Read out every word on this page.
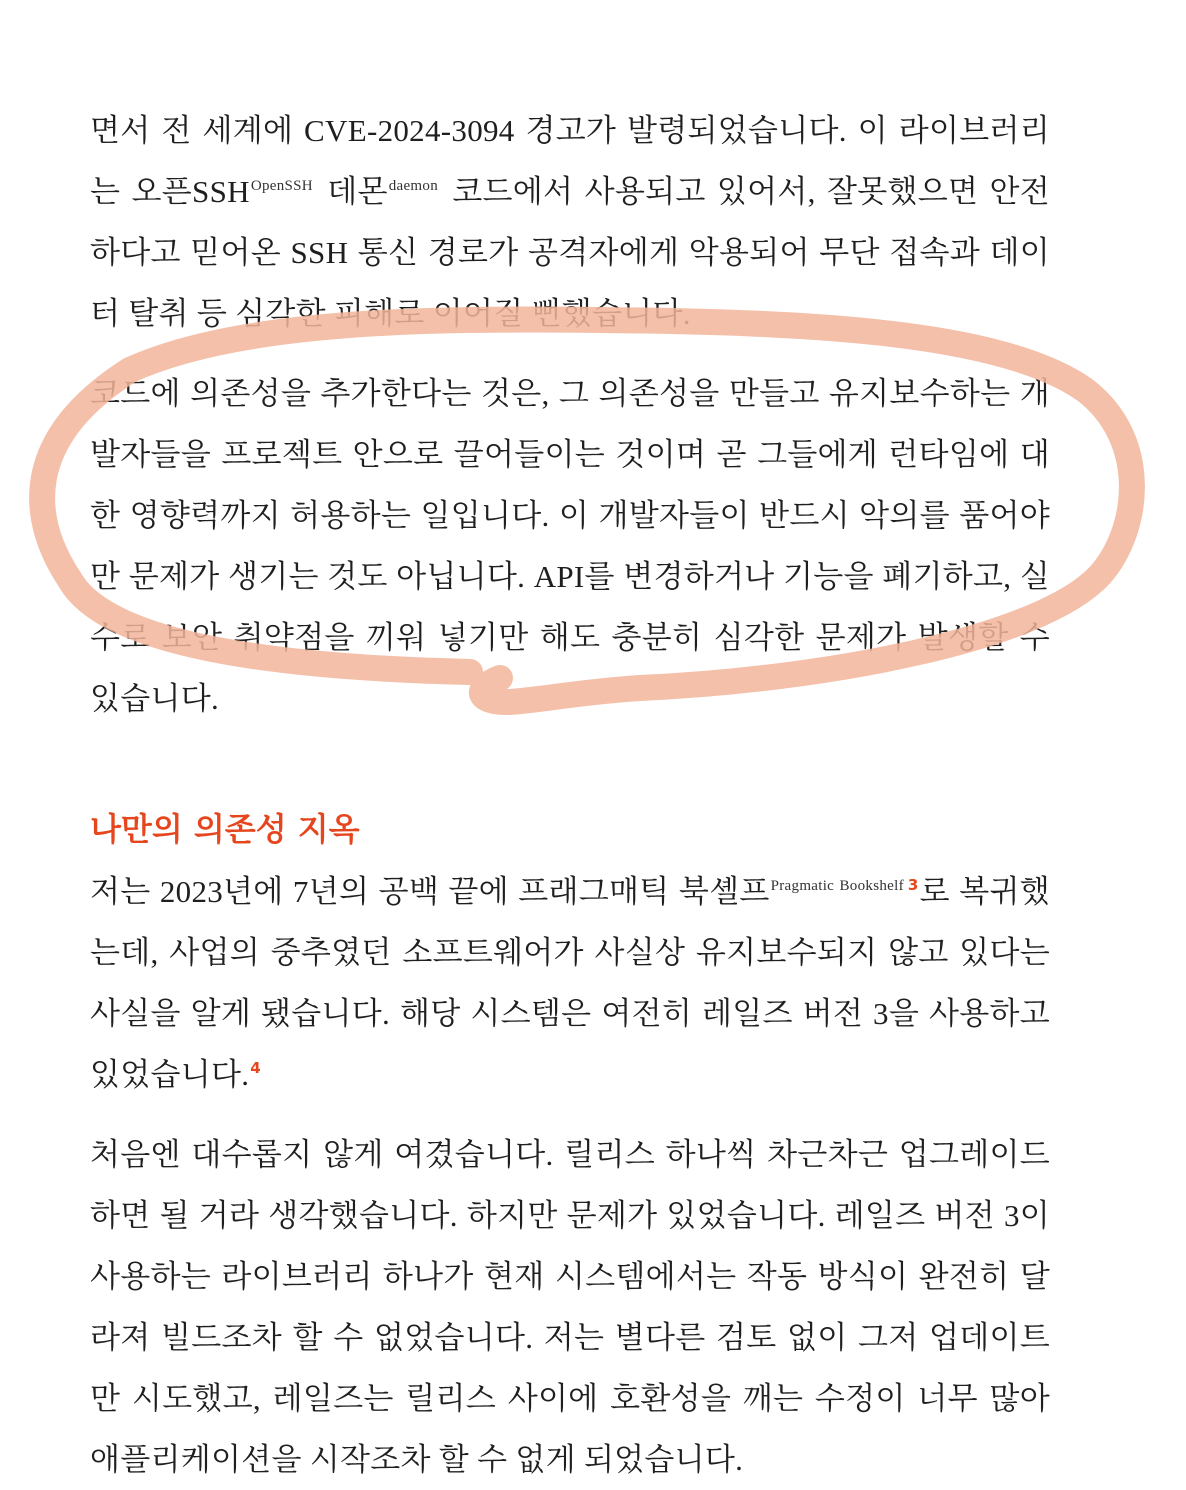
면서 전 세계에 CVE-2024-3094 경고가 발령되었습니다. 이 라이브러리는 오픈$SSH^{OpenSSH}$ 데몬$^{daemon}$ 코드에서 사용되고 있어서, 잘못했으면 안전하다고 믿어온 SSH 통신 경로가 공격자에게 악용되어 무단 접속과 데이터 탈취 등 심각한 피해로 이어질 뻔했습니다.

코드에 의존성을 추가한다는 것은, 그 의존성을 만들고 유지보수하는 개발자들을 프로젝트 안으로 끌어들이는 것이며 곧 그들에게 런타임에 대한 영향력까지 허용하는 일입니다. 이 개발자들이 반드시 악의를 품어야만 문제가 생기는 것도 아닙니다. API를 변경하거나 기능을 폐기하고, 실수로 보안 취약점을 끼워 넣기만 해도 충분히 심각한 문제가 발생할 수 있습니다.

나만의 의존성 지옥

저는 2023년에 7년의 공백 끝에 프래그매틱 북셸프$^{Pragmatic Bookshelf}$ $^3$로 복귀했는데, 사업의 중추였던 소프트웨어가 사실상 유지보수되지 않고 있다는 사실을 알게 됐습니다. 해당 시스템은 여전히 레일즈 버전 3을 사용하고 있었습니다.$^4$

처음엔 대수롭지 않게 여겼습니다. 릴리스 하나씩 차근차근 업그레이드하면 될 거라 생각했습니다. 하지만 문제가 있었습니다. 레일즈 버전 3이 사용하는 라이브러리 하나가 현재 시스템에서는 작동 방식이 완전히 달라져 빌드조차 할 수 없었습니다. 저는 별다른 검토 없이 그저 업데이트만 시도했고, 레일즈는 릴리스 사이에 호환성을 깨는 수정이 너무 많아 애플리케이션을 시작조차 할 수 없게 되었습니다.
